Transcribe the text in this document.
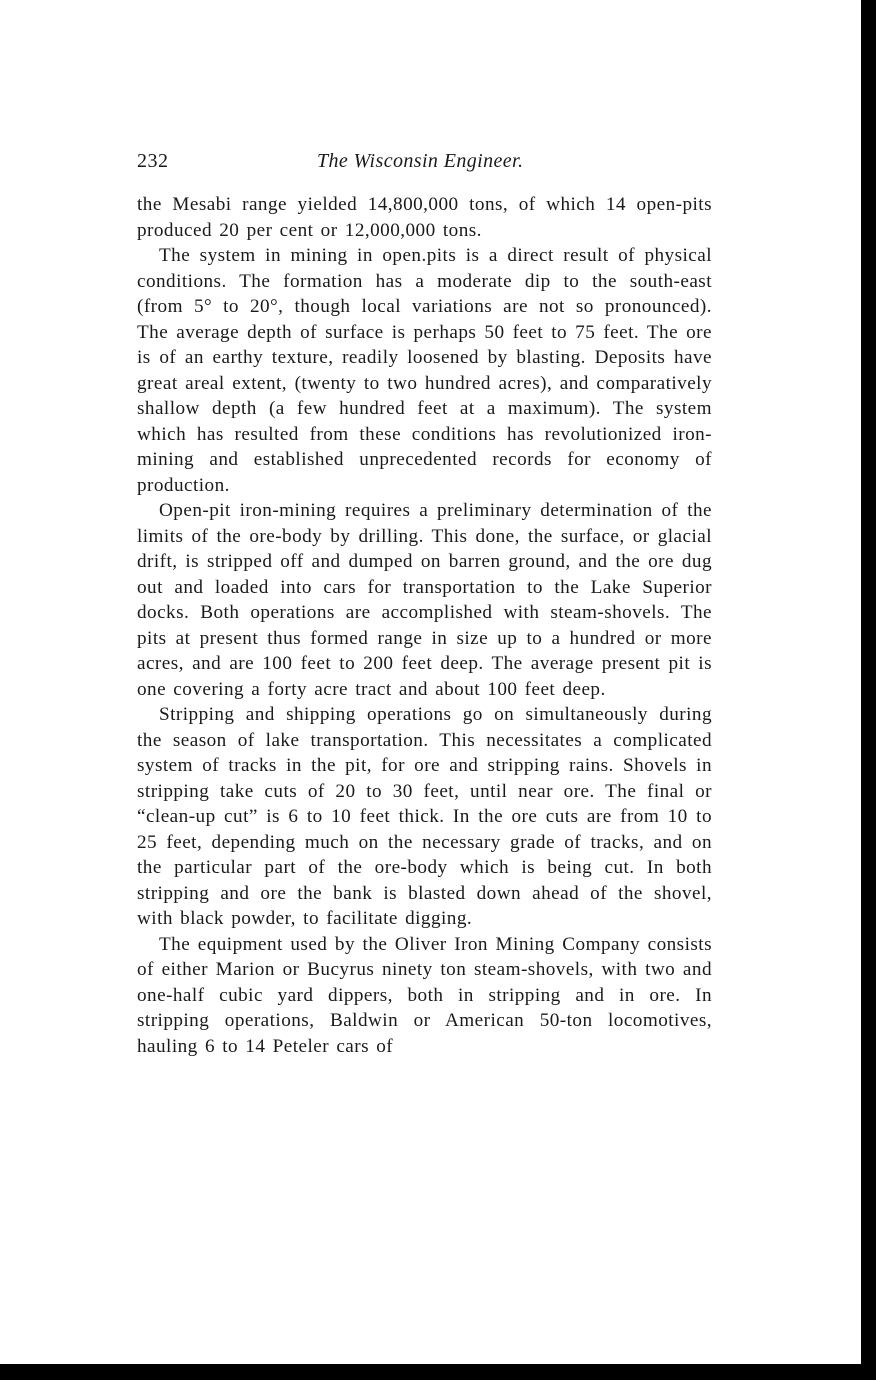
232	The Wisconsin Engineer.

the Mesabi range yielded 14,800,000 tons, of which 14 open-pits produced 20 per cent or 12,000,000 tons.

The system in mining in open.pits is a direct result of physical conditions. The formation has a moderate dip to the south-east (from 5° to 20°, though local variations are not so pronounced). The average depth of surface is perhaps 50 feet to 75 feet. The ore is of an earthy texture, readily loosened by blasting. Deposits have great areal extent, (twenty to two hundred acres), and comparatively shallow depth (a few hundred feet at a maximum). The system which has resulted from these conditions has revolutionized iron-mining and established unprecedented records for economy of production.

Open-pit iron-mining requires a preliminary determination of the limits of the ore-body by drilling. This done, the surface, or glacial drift, is stripped off and dumped on barren ground, and the ore dug out and loaded into cars for transportation to the Lake Superior docks. Both operations are accomplished with steam-shovels. The pits at present thus formed range in size up to a hundred or more acres, and are 100 feet to 200 feet deep. The average present pit is one covering a forty acre tract and about 100 feet deep.

Stripping and shipping operations go on simultaneously during the season of lake transportation. This necessitates a complicated system of tracks in the pit, for ore and stripping rains. Shovels in stripping take cuts of 20 to 30 feet, until near ore. The final or “clean-up cut” is 6 to 10 feet thick. In the ore cuts are from 10 to 25 feet, depending much on the necessary grade of tracks, and on the particular part of the ore-body which is being cut. In both stripping and ore the bank is blasted down ahead of the shovel, with black powder, to facilitate digging.

The equipment used by the Oliver Iron Mining Company consists of either Marion or Bucyrus ninety ton steam-shovels, with two and one-half cubic yard dippers, both in stripping and in ore. In stripping operations, Baldwin or American 50-ton locomotives, hauling 6 to 14 Peteler cars of
